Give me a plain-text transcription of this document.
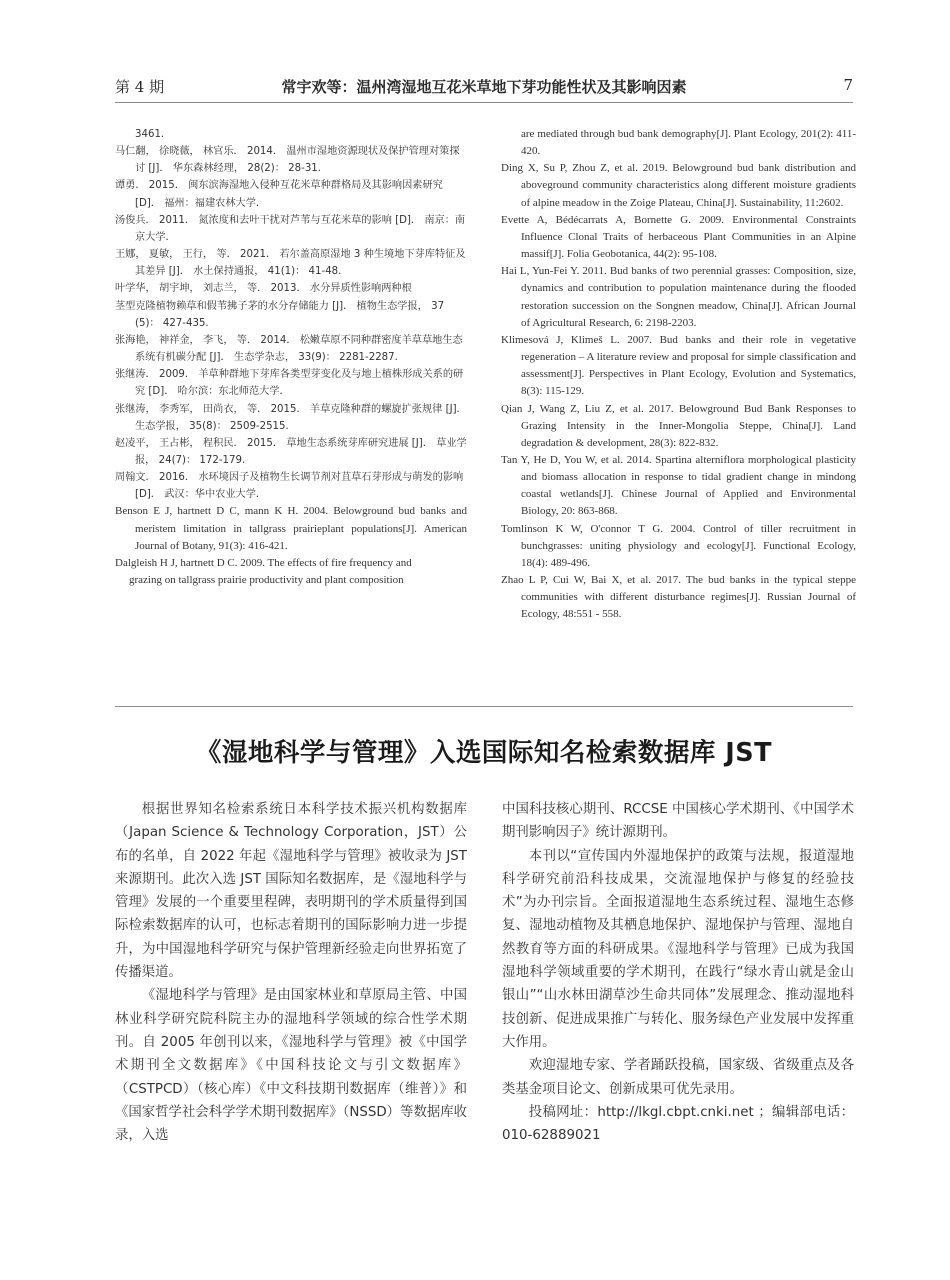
第 4 期	常宇欢等：温州湾湿地互花米草地下芽功能性状及其影响因素	7

3461.

马仁翻， 徐晓薇， 林官乐． 2014． 温州市湿地资源现状及保护管理对策探讨 [J]． 华东森林经理， 28(2)： 28-31.

谭勇． 2015． 闽东滨海湿地入侵种互花米草种群格局及其影响因素研究 [D]． 福州：福建农林大学．

汤俊兵． 2011． 氮浓度和去叶干扰对芦苇与互花米草的影响 [D]． 南京：南京大学．

王娜， 夏敏， 王行， 等． 2021． 若尔盖高原湿地 3 种生境地下芽库特征及其差异 [J]． 水土保持通报， 41(1)： 41-48.

叶学华， 胡宇坤， 刘志兰， 等． 2013． 水分异质性影响两种根

茎型克隆植物赖草和假苇拂子茅的水分存储能力 [J]． 植物生态学报， 37(5)： 427-435.

张海艳， 神祥金， 李飞， 等． 2014． 松嫩草原不同种群密度羊草草地生态系统有机碳分配 [J]． 生态学杂志， 33(9)： 2281-2287.

张继涛． 2009． 羊草种群地下芽库各类型芽变化及与地上植株形成关系的研究 [D]． 哈尔滨：东北师范大学．

张继涛， 李秀军， 田尚衣， 等． 2015． 羊草克隆种群的螺旋扩张规律 [J]． 生态学报， 35(8)： 2509-2515.

赵凌平， 王占彬， 程积民． 2015． 草地生态系统芽库研究进展 [J]． 草业学报， 24(7)： 172-179.

周翰文． 2016． 水环境因子及植物生长调节剂对苴草石芽形成与萌发的影响 [D]． 武汉：华中农业大学．

Benson E J, hartnett D C, mann K H. 2004. Belowground bud banks and meristem limitation in tallgrass prairieplant populations[J]. American Journal of Botany, 91(3): 416-421.

Dalgleish H J, hartnett D C. 2009. The effects of fire frequency and

grazing on tallgrass prairie productivity and plant composition

are mediated through bud bank demography[J]. Plant Ecology, 201(2): 411-420.

Ding X, Su P, Zhou Z, et al. 2019. Belowground bud bank distribution and aboveground community characteristics along different moisture gradients of alpine meadow in the Zoige Plateau, China[J]. Sustainability, 11:2602.

Evette A, Bédécarrats A, Bornette G. 2009. Environmental Constraints Influence Clonal Traits of herbaceous Plant Communities in an Alpine massif[J]. Folia Geobotanica, 44(2): 95-108.

Hai L, Yun-Fei Y. 2011. Bud banks of two perennial grasses: Composition, size, dynamics and contribution to population maintenance during the flooded restoration succession on the Songnen meadow, China[J]. African Journal of Agricultural Research, 6: 2198-2203.

Klimesová J, Klimeš L. 2007. Bud banks and their role in vegetative regeneration – A literature review and proposal for simple classification and assessment[J]. Perspectives in Plant Ecology, Evolution and Systematics, 8(3): 115-129.

Qian J, Wang Z, Liu Z, et al. 2017. Belowground Bud Bank Responses to Grazing Intensity in the Inner-Mongolia Steppe, China[J]. Land degradation & development, 28(3): 822-832.

Tan Y, He D, You W, et al. 2014. Spartina alterniflora morphological plasticity and biomass allocation in response to tidal gradient change in mindong coastal wetlands[J]. Chinese Journal of Applied and Environmental Biology, 20: 863-868.

Tomlinson K W, O'connor T G. 2004. Control of tiller recruitment in bunchgrasses: uniting physiology and ecology[J]. Functional Ecology, 18(4): 489-496.

Zhao L P, Cui W, Bai X, et al. 2017. The bud banks in the typical steppe communities with different disturbance regimes[J]. Russian Journal of Ecology, 48:551 - 558.

《湿地科学与管理》入选国际知名检索数据库 JST

根据世界知名检索系统日本科学技术振兴机构数据库（Japan Science & Technology Corporation，JST）公布的名单，自 2022 年起《湿地科学与管理》被收录为 JST 来源期刊。此次入选 JST 国际知名数据库，是《湿地科学与管理》发展的一个重要里程碑，表明期刊的学术质量得到国际检索数据库的认可，也标志着期刊的国际影响力进一步提升，为中国湿地科学研究与保护管理新经验走向世界拓宽了传播渠道。

《湿地科学与管理》是由国家林业和草原局主管、中国林业科学研究院科院主办的湿地科学领域的综合性学术期刊。自 2005 年创刊以来，《湿地科学与管理》被《中国学术期刊全文数据库》《中国科技论文与引文数据库》（CSTPCD）（核心库）《中文科技期刊数据库（维普）》和《国家哲学社会科学学术期刊数据库》（NSSD）等数据库收录，入选

中国科技核心期刊、RCCSE 中国核心学术期刊、《中国学术期刊影响因子》统计源期刊。

本刊以“宣传国内外湿地保护的政策与法规，报道湿地科学研究前沿科技成果，交流湿地保护与修复的经验技术”为办刊宗旨。全面报道湿地生态系统过程、湿地生态修复、湿地动植物及其栖息地保护、湿地保护与管理、湿地自然教育等方面的科研成果。《湿地科学与管理》已成为我国湿地科学领域重要的学术期刊，在践行“绿水青山就是金山银山”“山水林田湖草沙生命共同体”发展理念、推动湿地科技创新、促进成果推广与转化、服务绿色产业发展中发挥重大作用。

欢迎湿地专家、学者踊跃投稿，国家级、省级重点及各类基金项目论文、创新成果可优先录用。

投稿网址：http://lkgl.cbpt.cnki.net ；编辑部电话：010-62889021
